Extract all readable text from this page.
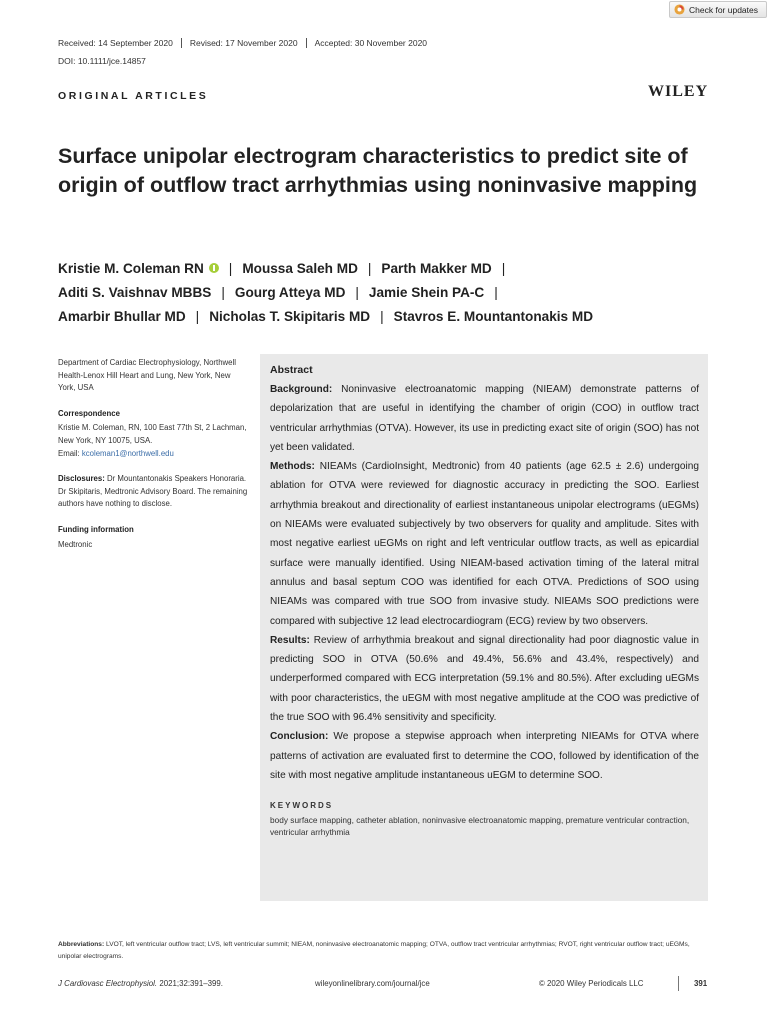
Check for updates
Received: 14 September 2020 Revised: 17 November 2020 Accepted: 30 November 2020
DOI: 10.1111/jce.14857
ORIGINAL ARTICLES	WILEY
Surface unipolar electrogram characteristics to predict site of origin of outflow tract arrhythmias using noninvasive mapping
Kristie M. Coleman RN | Moussa Saleh MD | Parth Makker MD |
Aditi S. Vaishnav MBBS | Gourg Atteya MD | Jamie Shein PA-C |
Amarbir Bhullar MD | Nicholas T. Skipitaris MD | Stavros E. Mountantonakis MD
Department of Cardiac Electrophysiology, Northwell Health-Lenox Hill Heart and Lung, New York, New York, USA
Correspondence
Kristie M. Coleman, RN, 100 East 77th St, 2 Lachman, New York, NY 10075, USA.
Email: kcoleman1@northwell.edu
Disclosures: Dr Mountantonakis Speakers Honoraria. Dr Skipitaris, Medtronic Advisory Board. The remaining authors have nothing to disclose.
Funding information
Medtronic
Abstract

Background: Noninvasive electroanatomic mapping (NIEAM) demonstrate patterns of depolarization that are useful in identifying the chamber of origin (COO) in outflow tract ventricular arrhythmias (OTVA). However, its use in predicting exact site of origin (SOO) has not yet been validated.

Methods: NIEAMs (CardioInsight, Medtronic) from 40 patients (age 62.5 ± 2.6) undergoing ablation for OTVA were reviewed for diagnostic accuracy in predicting the SOO. Earliest arrhythmia breakout and directionality of earliest instantaneous unipolar electrograms (uEGMs) on NIEAMs were evaluated subjectively by two observers for quality and amplitude. Sites with most negative earliest uEGMs on right and left ventricular outflow tracts, as well as epicardial surface were manually identified. Using NIEAM-based activation timing of the lateral mitral annulus and basal septum COO was identified for each OTVA. Predictions of SOO using NIEAMs was compared with true SOO from invasive study. NIEAMs SOO predictions were compared with subjective 12 lead electrocardiogram (ECG) review by two observers.

Results: Review of arrhythmia breakout and signal directionality had poor diagnostic value in predicting SOO in OTVA (50.6% and 49.4%, 56.6% and 43.4%, respectively) and underperformed compared with ECG interpretation (59.1% and 80.5%). After excluding uEGMs with poor characteristics, the uEGM with most negative amplitude at the COO was predictive of the true SOO with 96.4% sensitivity and specificity.

Conclusion: We propose a stepwise approach when interpreting NIEAMs for OTVA where patterns of activation are evaluated first to determine the COO, followed by identification of the site with most negative amplitude instantaneous uEGM to determine SOO.

KEYWORDS
body surface mapping, catheter ablation, noninvasive electroanatomic mapping, premature ventricular contraction, ventricular arrhythmia
Abbreviations: LVOT, left ventricular outflow tract; LVS, left ventricular summit; NIEAM, noninvasive electroanatomic mapping; OTVA, outflow tract ventricular arrhythmias; RVOT, right ventricular outflow tract; uEGMs, unipolar electrograms.
J Cardiovasc Electrophysiol. 2021;32:391–399.	wileyonlinelibrary.com/journal/jce	© 2020 Wiley Periodicals LLC	391
